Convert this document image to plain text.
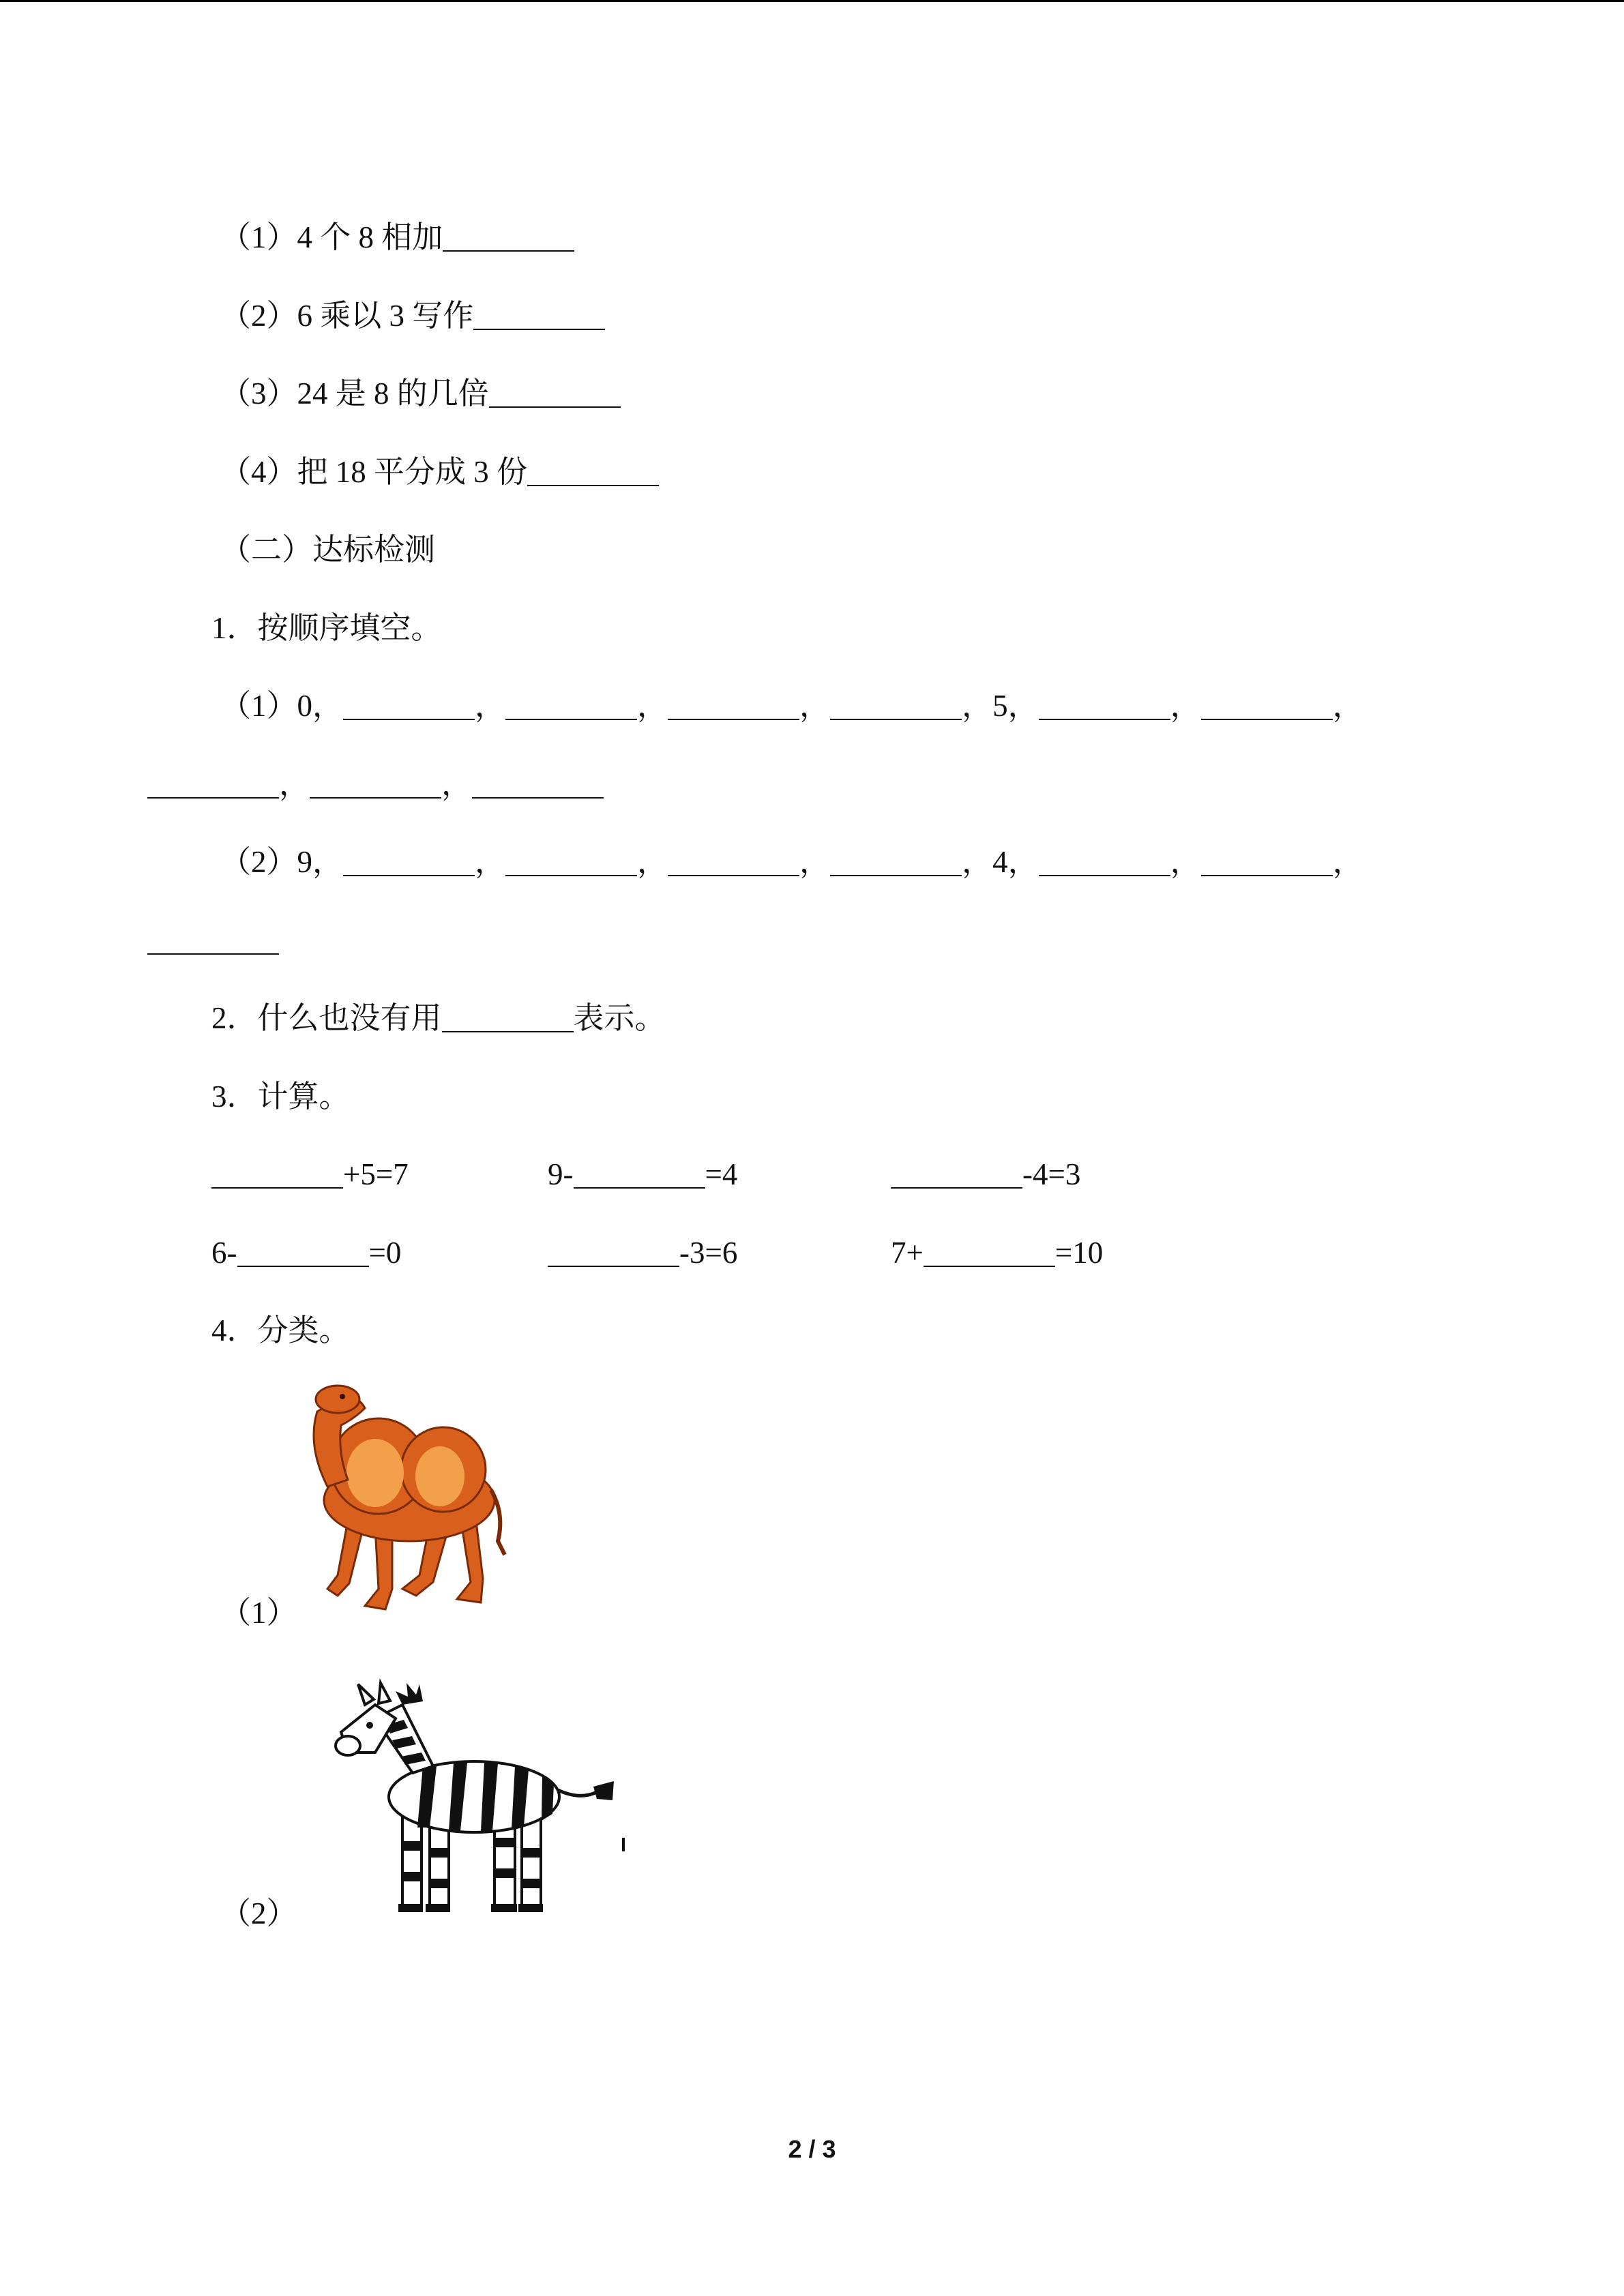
（1）4 个 8 相加
（2）6 乘以 3 写作
（3）24 是 8 的几倍
（4）把 18 平分成 3 份
（二）达标检测
1．按顺序填空。
（1）0，	，	，	，	，5，	，	，
，	，
（2）9，	，	，	，	，4，	，	，
2．什么也没有用	表示。
3．计算。
+5=7	9-	=4	-4=3
6-	=0	-3=6	7+	=10
4．分类。
（1）
（2）
2 / 3
